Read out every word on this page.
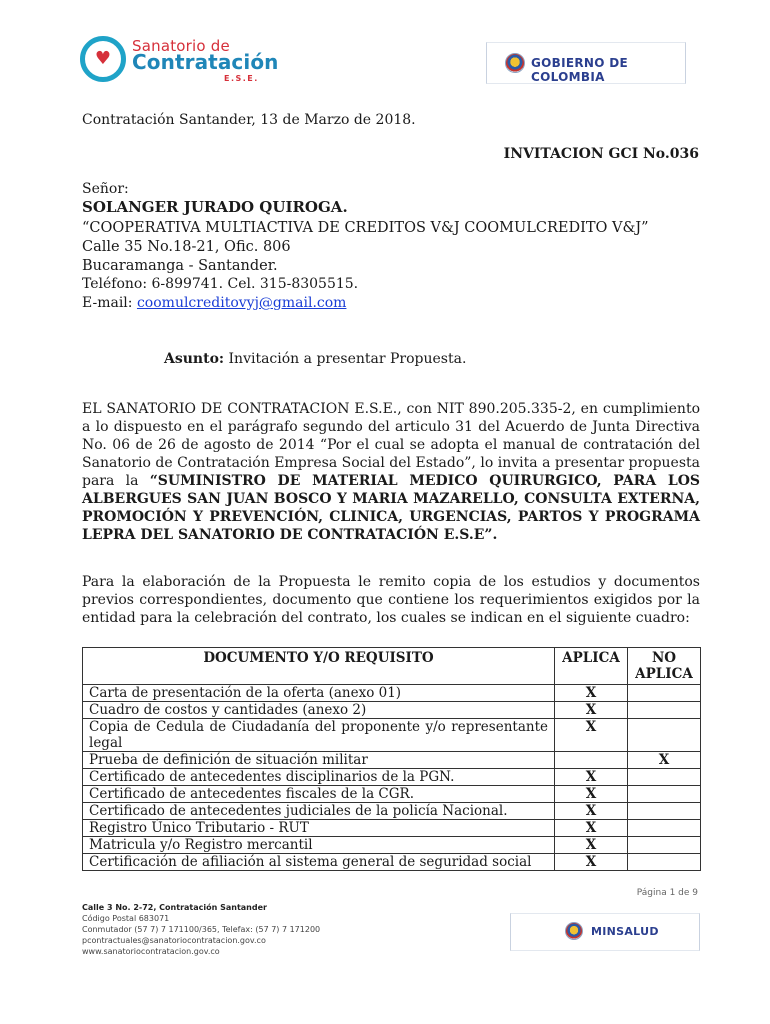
♥
Sanatorio de
Contratación
E.S.E.
GOBIERNO DE COLOMBIA
Contratación Santander, 13 de Marzo de 2018.
INVITACION GCI No.036
Señor:
SOLANGER JURADO QUIROGA.
“COOPERATIVA MULTIACTIVA DE CREDITOS V&J COOMULCREDITO V&J”
Calle 35 No.18-21, Ofic. 806
Bucaramanga - Santander.
Teléfono: 6-899741. Cel. 315-8305515.
E-mail: coomulcreditovyj@gmail.com
Asunto: Invitación a presentar Propuesta.
EL SANATORIO DE CONTRATACION E.S.E., con NIT 890.205.335-2, en cumplimiento a lo dispuesto en el parágrafo segundo del articulo 31 del Acuerdo de Junta Directiva No. 06 de 26 de agosto de 2014 “Por el cual se adopta el manual de contratación del Sanatorio de Contratación Empresa Social del Estado”, lo invita a presentar propuesta para la “SUMINISTRO DE MATERIAL MEDICO QUIRURGICO, PARA LOS ALBERGUES SAN JUAN BOSCO Y MARIA MAZARELLO, CONSULTA EXTERNA, PROMOCIÓN Y PREVENCIÓN, CLINICA, URGENCIAS, PARTOS Y PROGRAMA LEPRA DEL SANATORIO DE CONTRATACIÓN E.S.E”.
Para la elaboración de la Propuesta le remito copia de los estudios y documentos previos correspondientes, documento que contiene los requerimientos exigidos por la entidad para la celebración del contrato, los cuales se indican en el siguiente cuadro:
DOCUMENTO Y/O REQUISITO	APLICA	NO APLICA
Carta de presentación de la oferta (anexo 01)	X	
Cuadro de costos y cantidades (anexo 2)	X	
Copia de Cedula de Ciudadanía del proponente y/o representante legal	X	
Prueba de definición de situación militar		X
Certificado de antecedentes disciplinarios de la PGN.	X	
Certificado de antecedentes fiscales de la CGR.	X	
Certificado de antecedentes judiciales de la policía Nacional.	X	
Registro Único Tributario - RUT	X	
Matricula y/o Registro mercantil	X	
Certificación de afiliación al sistema general de seguridad social	X	
Página 1 de 9
Calle 3 No. 2-72, Contratación Santander
Código Postal 683071
Conmutador (57 7) 7 171100/365, Telefax: (57 7) 7 171200
pcontractuales@sanatoriocontratacion.gov.co
www.sanatoriocontratacion.gov.co
MINSALUD
